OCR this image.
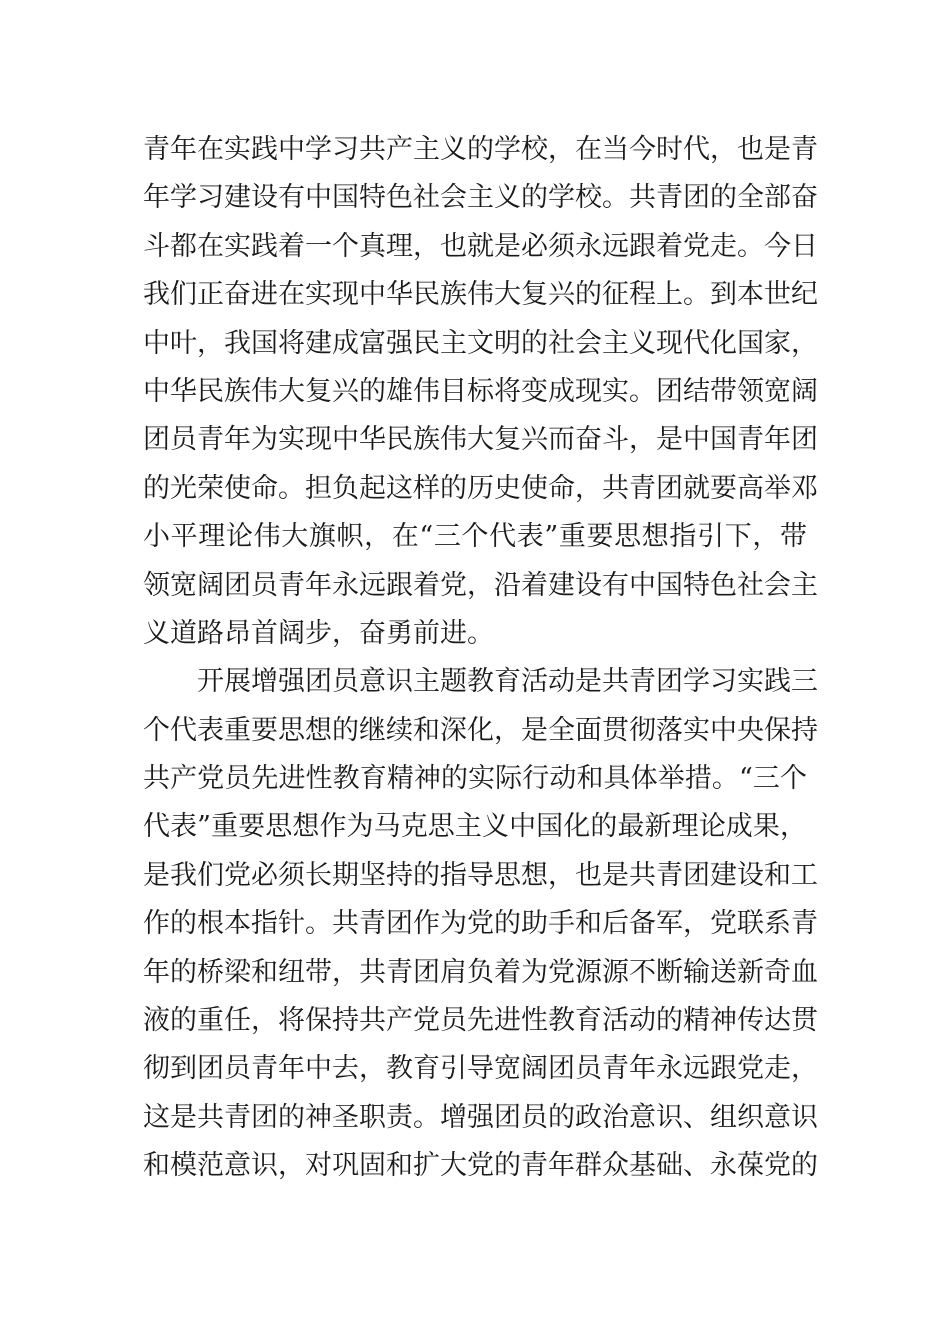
青年在实践中学习共产主义的学校，在当今时代，也是青
年学习建设有中国特色社会主义的学校。共青团的全部奋
斗都在实践着一个真理，也就是必须永远跟着党走。今日
我们正奋进在实现中华民族伟大复兴的征程上。到本世纪
中叶，我国将建成富强民主文明的社会主义现代化国家，
中华民族伟大复兴的雄伟目标将变成现实。团结带领宽阔
团员青年为实现中华民族伟大复兴而奋斗，是中国青年团
的光荣使命。担负起这样的历史使命，共青团就要高举邓
小平理论伟大旗帜，在“三个代表”重要思想指引下，带
领宽阔团员青年永远跟着党，沿着建设有中国特色社会主
义道路昂首阔步，奋勇前进。
开展增强团员意识主题教育活动是共青团学习实践三
个代表重要思想的继续和深化，是全面贯彻落实中央保持
共产党员先进性教育精神的实际行动和具体举措。“三个
代表”重要思想作为马克思主义中国化的最新理论成果，
是我们党必须长期坚持的指导思想，也是共青团建设和工
作的根本指针。共青团作为党的助手和后备军，党联系青
年的桥梁和纽带，共青团肩负着为党源源不断输送新奇血
液的重任，将保持共产党员先进性教育活动的精神传达贯
彻到团员青年中去，教育引导宽阔团员青年永远跟党走，
这是共青团的神圣职责。增强团员的政治意识、组织意识
和模范意识，对巩固和扩大党的青年群众基础、永葆党的
